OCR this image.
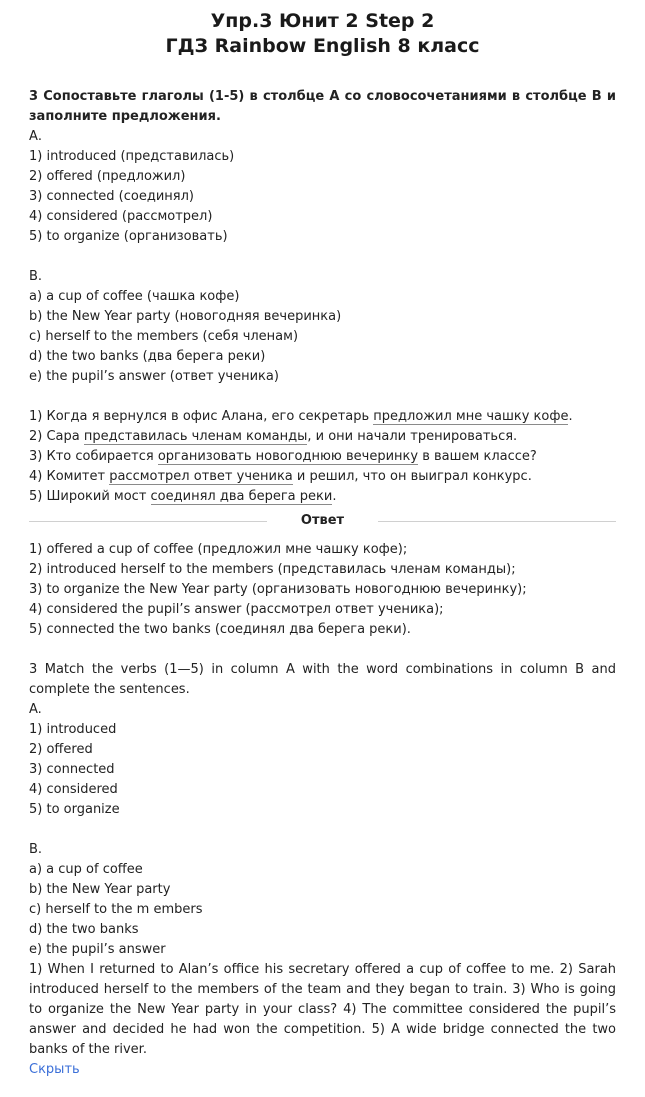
Упр.3 Юнит 2 Step 2
ГДЗ Rainbow English 8 класс

3 Сопоставьте глаголы (1-5) в столбце А со словосочетаниями в столбце В и заполните предложения.

А.

1) introduced (представилась)

2) offered (предложил)

3) connected (соединял)

4) considered (рассмотрел)

5) to organize (организовать)

B.

a) a cup of coffee (чашка кофе)

b) the New Year party (новогодняя вечеринка)

c) herself to the members (себя членам)

d) the two banks (два берега реки)

e) the pupil’s answer (ответ ученика)

1) Когда я вернулся в офис Алана, его секретарь предложил мне чашку кофе.

2) Сара представилась членам команды, и они начали тренироваться.

3) Кто собирается организовать новогоднюю вечеринку в вашем классе?

4) Комитет рассмотрел ответ ученика и решил, что он выиграл конкурс.

5) Широкий мост соединял два берега реки.

Ответ

1) offered a cup of coffee (предложил мне чашку кофе);

2) introduced herself to the members (представилась членам команды);

3) to organize the New Year party (организовать новогоднюю вечеринку);

4) considered the pupil’s answer (рассмотрел ответ ученика);

5) connected the two banks (соединял два берега реки).

3 Match the verbs (1—5) in column A with the word combinations in column B and complete the sentences.

A.

1) introduced

2) offered

3) connected

4) considered

5) to organize

B.

a) a cup of coffee

b) the New Year party

c) herself to the m embers

d) the two banks

e) the pupil’s answer

1) When I returned to Alan’s office his secretary offered a cup of coffee to me. 2) Sarah introduced herself to the members of the team and they began to train. 3) Who is going to organize the New Year party in your class? 4) The committee considered the pupil’s answer and decided he had won the competition. 5) A wide bridge connected the two banks of the river.

Скрыть
